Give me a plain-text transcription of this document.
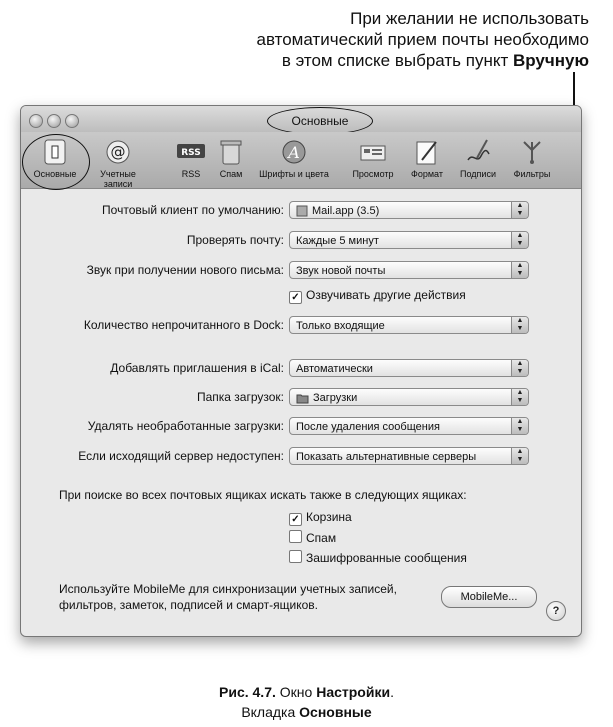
При желании не использовать
автоматический прием почты необходимо
в этом списке выбрать пункт Вручную
Основные
Основные
@
Учетные записи
RSS
RSS	Спам
A
Шрифты и цвета	Просмотр	Формат	Подписи	Фильтры
Почтовый клиент по умолчанию:	Mail.app (3.5)	▲
▼
Проверять почту:	Каждые 5 минут	▲
▼
Звук при получении нового письма:	Звук новой почты	▲
▼
✓ Озвучивать другие действия
Количество непрочитанного в Dock:	Только входящие	▲
▼
Добавлять приглашения в iCal:	Автоматически	▲
▼
Папка загрузок:	Загрузки	▲
▼
Удалять необработанные загрузки:	После удаления сообщения	▲
▼
Если исходящий сервер недоступен:	Показать альтернативные серверы	▲
▼
При поиске во всех почтовых ящиках искать также в следующих ящиках:
✓ Корзина
Спам
Зашифрованные сообщения
Используйте MobileMe для синхронизации учетных записей,
фильтров, заметок, подписей и смарт-ящиков.
MobileMe...
?
Рис. 4.7. Окно Настройки.
Вкладка Основные
